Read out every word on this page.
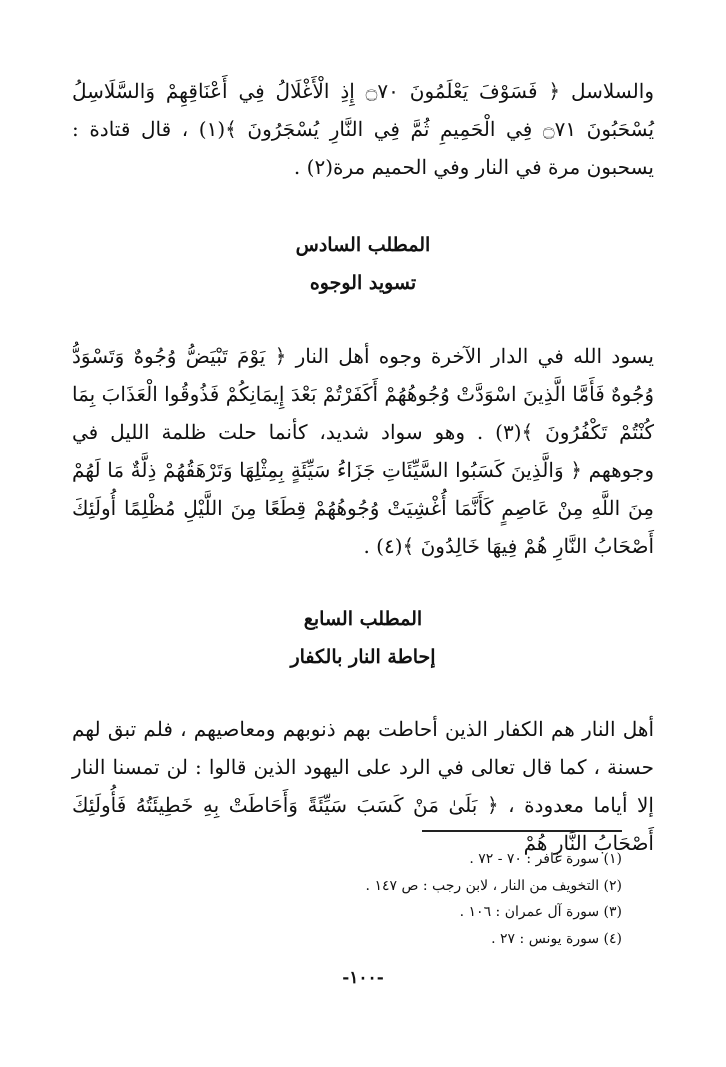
والسلاسل ﴿ فَسَوْفَ يَعْلَمُونَ ۝٧٠ إِذِ الْأَغْلَالُ فِي أَعْنَاقِهِمْ وَالسَّلَاسِلُ يُسْحَبُونَ ۝٧١ فِي الْحَمِيمِ ثُمَّ فِي النَّارِ يُسْجَرُونَ ﴾(١) ، قال قتادة : يسحبون مرة في النار وفي الحميم مرة(٢) .
المطلب السادس
تسويد الوجوه
يسود الله في الدار الآخرة وجوه أهل النار ﴿ يَوْمَ تَبْيَضُّ وُجُوهٌ وَتَسْوَدُّ وُجُوهٌ فَأَمَّا الَّذِينَ اسْوَدَّتْ وُجُوهُهُمْ أَكَفَرْتُمْ بَعْدَ إِيمَانِكُمْ فَذُوقُوا الْعَذَابَ بِمَا كُنْتُمْ تَكْفُرُونَ ﴾(٣) . وهو سواد شديد، كأنما حلت ظلمة الليل في وجوههم ﴿ وَالَّذِينَ كَسَبُوا السَّيِّئَاتِ جَزَاءُ سَيِّئَةٍ بِمِثْلِهَا وَتَرْهَقُهُمْ ذِلَّةٌ مَا لَهُمْ مِنَ اللَّهِ مِنْ عَاصِمٍ كَأَنَّمَا أُغْشِيَتْ وُجُوهُهُمْ قِطَعًا مِنَ اللَّيْلِ مُظْلِمًا أُولَئِكَ أَصْحَابُ النَّارِ هُمْ فِيهَا خَالِدُونَ ﴾(٤) .
المطلب السابع
إحاطة النار بالكفار
أهل النار هم الكفار الذين أحاطت بهم ذنوبهم ومعاصيهم ، فلم تبق لهم حسنة ، كما قال تعالى في الرد على اليهود الذين قالوا : لن تمسنا النار إلا أياما معدودة ، ﴿ بَلَىٰ مَنْ كَسَبَ سَيِّئَةً وَأَحَاطَتْ بِهِ خَطِيئَتُهُ فَأُولَئِكَ أَصْحَابُ النَّارِ هُمْ
(١) سورة غافر : ٧٠ - ٧٢ .
(٢) التخويف من النار ، لابن رجب : ص ١٤٧ .
(٣) سورة آل عمران : ١٠٦ .
(٤) سورة يونس : ٢٧ .
-١٠٠-
